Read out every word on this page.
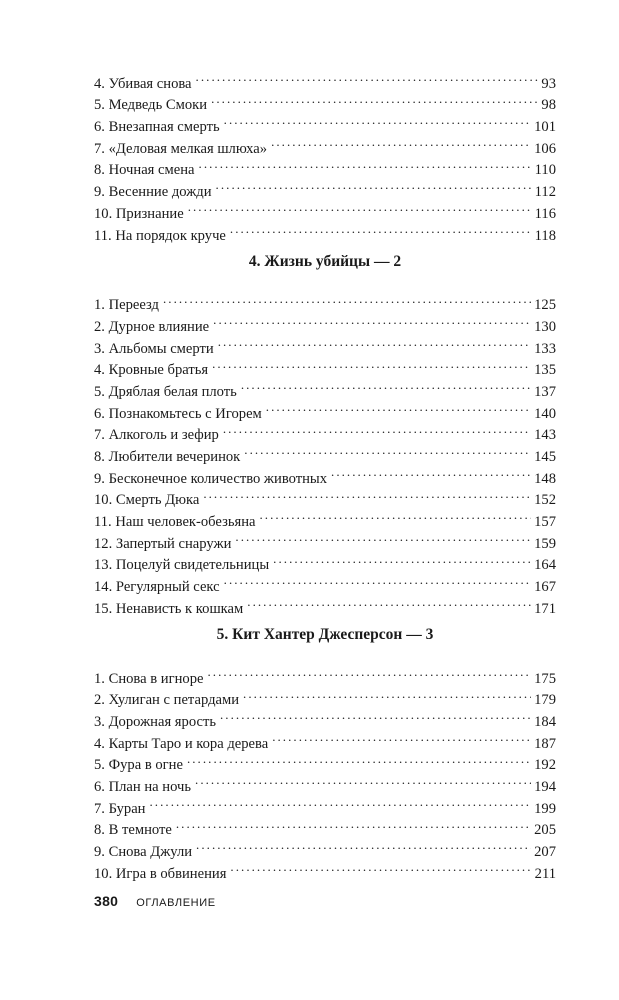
4. Убивая снова . . .	93
5. Медведь Смоки . . .	98
6. Внезапная смерть . . .	101
7. «Деловая мелкая шлюха» . . .	106
8. Ночная смена . . .	110
9. Весенние дожди . . .	112
10. Признание . . .	116
11. На порядок круче . . .	118
4. Жизнь убийцы — 2
1. Переезд . . .	125
2. Дурное влияние . . .	130
3. Альбомы смерти . . .	133
4. Кровные братья . . .	135
5. Дряблая белая плоть . . .	137
6. Познакомьтесь с Игорем . . .	140
7. Алкоголь и зефир . . .	143
8. Любители вечеринок . . .	145
9. Бесконечное количество животных . . .	148
10. Смерть Дюка . . .	152
11. Наш человек-обезьяна . . .	157
12. Запертый снаружи . . .	159
13. Поцелуй свидетельницы . . .	164
14. Регулярный секс . . .	167
15. Ненависть к кошкам . . .	171
5. Кит Хантер Джесперсон — 3
1. Снова в игноре . . .	175
2. Хулиган с петардами . . .	179
3. Дорожная ярость . . .	184
4. Карты Таро и кора дерева . . .	187
5. Фура в огне . . .	192
6. План на ночь . . .	194
7. Буран . . .	199
8. В темноте . . .	205
9. Снова Джули . . .	207
10. Игра в обвинения . . .	211
380 ОГЛАВЛЕНИЕ
